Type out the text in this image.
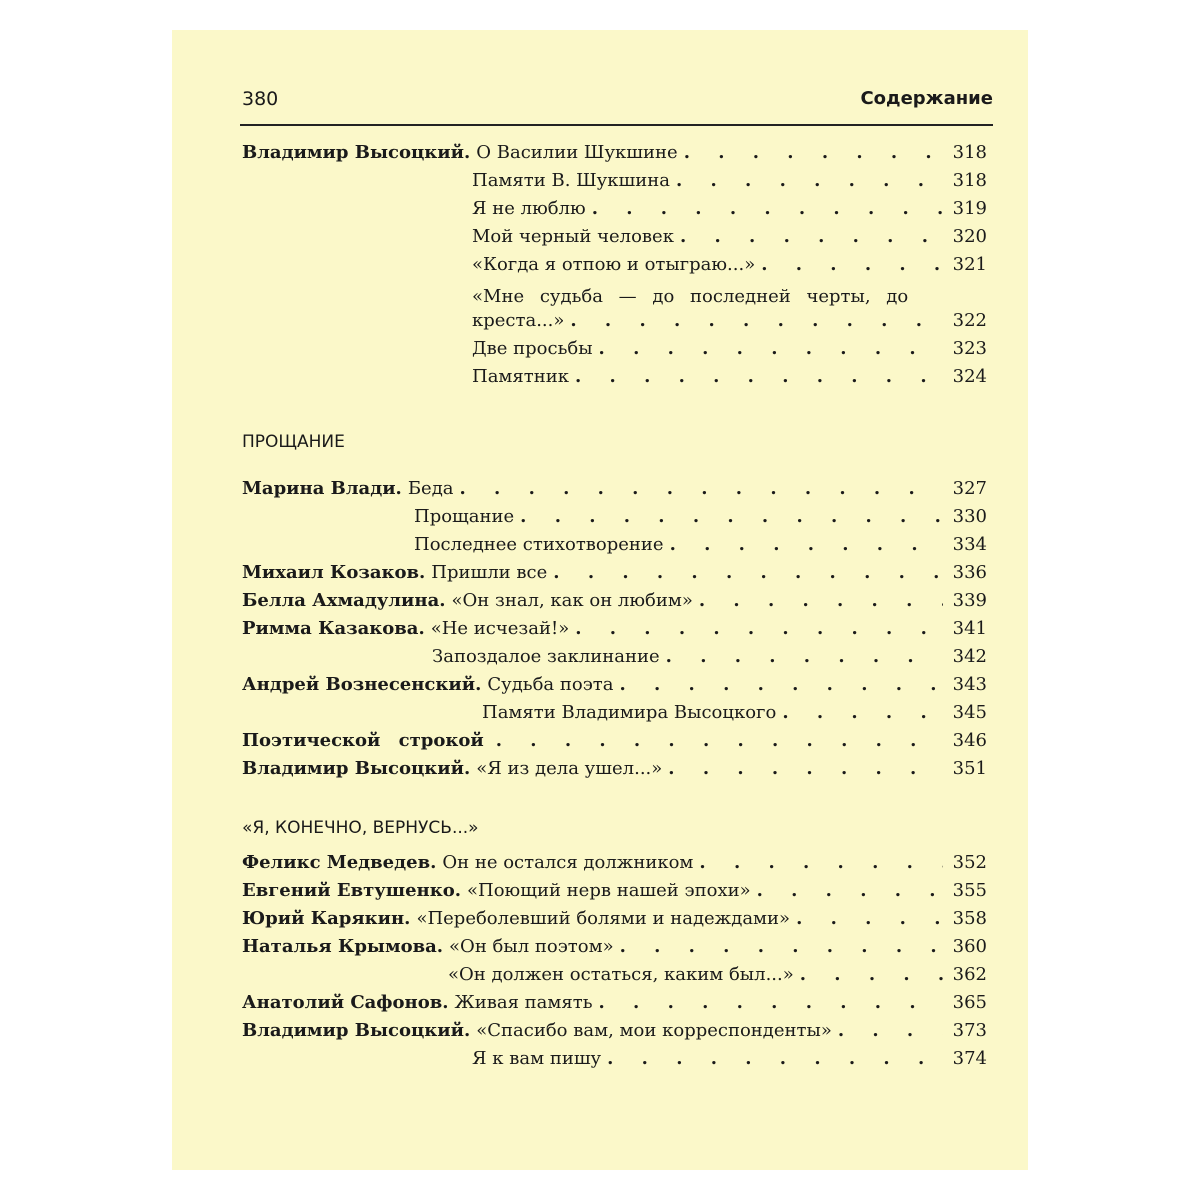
380	Содержание
Владимир Высоцкий. О Василии Шукшине . . .	318
Памяти В. Шукшина . . .	318
Я не люблю . . .	319
Мой черный человек . . .	320
«Когда я отпою и отыграю...» . . .	321
«Мне судьба — до последней черты, до
креста...» . . .	322
Две просьбы . . .	323
Памятник . . .	324
ПРОЩАНИЕ
Марина Влади. Беда . . .	327
Прощание . . .	330
Последнее стихотворение . . .	334
Михаил Козаков. Пришли все . . .	336
Белла Ахмадулина. «Он знал, как он любим» . . .	339
Римма Казакова. «Не исчезай!» . . .	341
Запоздалое заклинание . . .	342
Андрей Вознесенский. Судьба поэта . . .	343
Памяти Владимира Высоцкого . . .	345
Поэтической строкой . . .	346
Владимир Высоцкий. «Я из дела ушел...» . . .	351
«Я, КОНЕЧНО, ВЕРНУСЬ...»
Феликс Медведев. Он не остался должником . . .	352
Евгений Евтушенко. «Поющий нерв нашей эпохи» . . .	355
Юрий Карякин. «Переболевший болями и надеждами» . . .	358
Наталья Крымова. «Он был поэтом» . . .	360
«Он должен остаться, каким был...» . . .	362
Анатолий Сафонов. Живая память . . .	365
Владимир Высоцкий. «Спасибо вам, мои корреспонденты» . . .	373
Я к вам пишу . . .	374
